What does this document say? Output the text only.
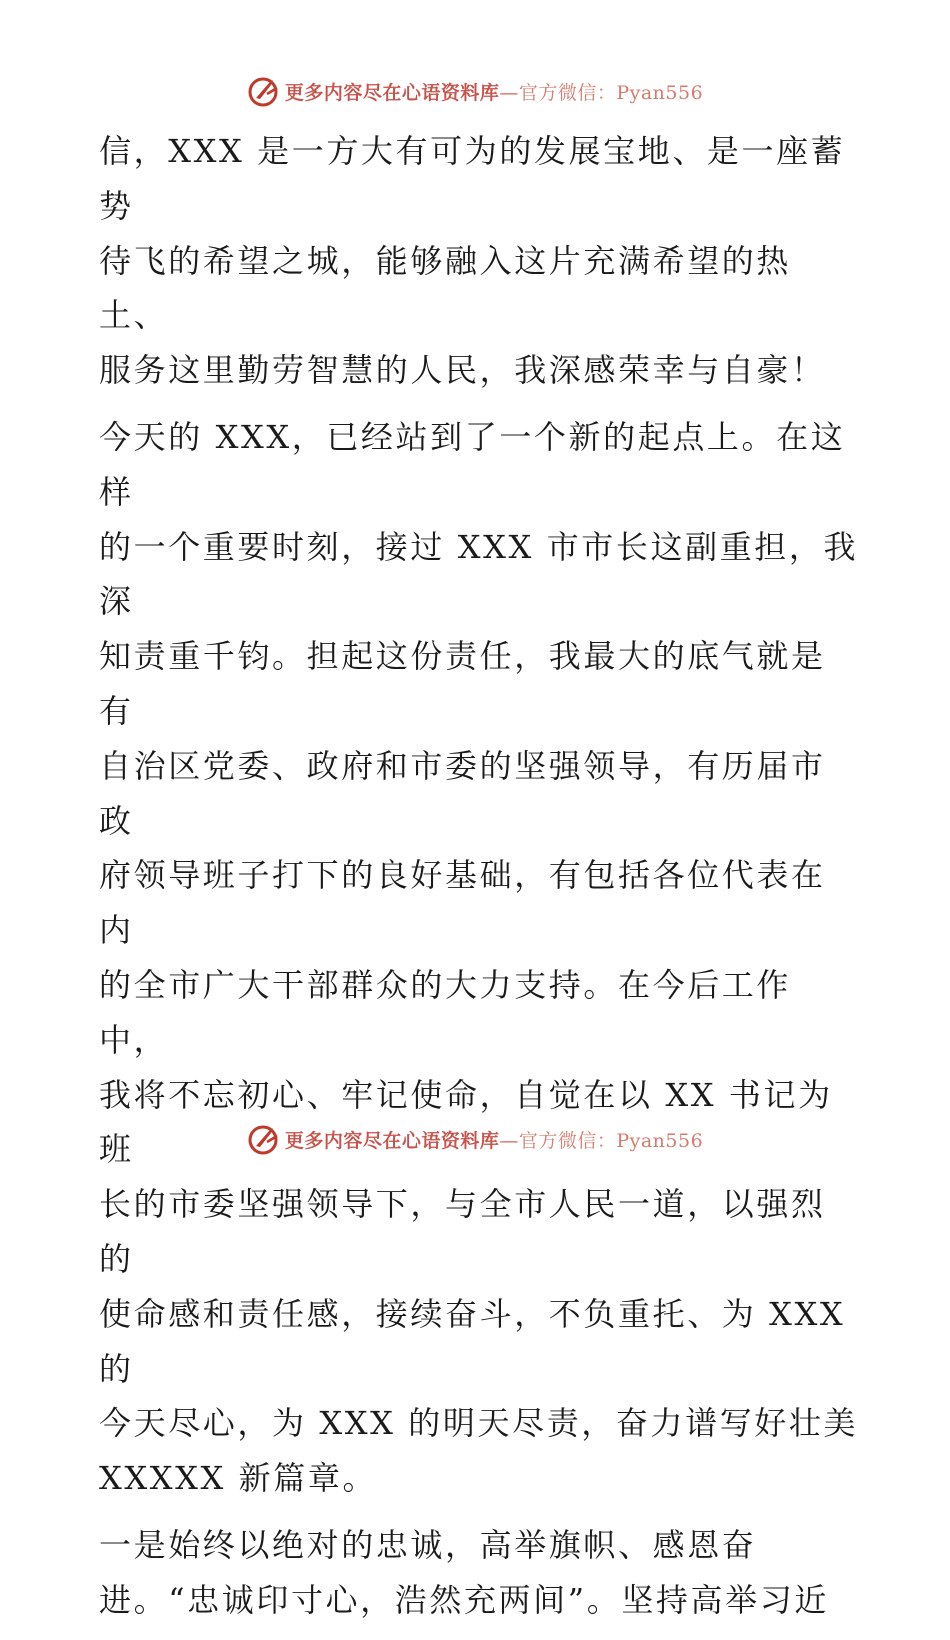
更多内容尽在心语资料库—官方微信：Pyan556

信，XXX 是一方大有可为的发展宝地、是一座蓄势
待飞的希望之城，能够融入这片充满希望的热土、
服务这里勤劳智慧的人民，我深感荣幸与自豪！

今天的 XXX，已经站到了一个新的起点上。在这样
的一个重要时刻，接过 XXX 市市长这副重担，我深
知责重千钧。担起这份责任，我最大的底气就是有
自治区党委、政府和市委的坚强领导，有历届市政
府领导班子打下的良好基础，有包括各位代表在内
的全市广大干部群众的大力支持。在今后工作中，
我将不忘初心、牢记使命，自觉在以 XX 书记为班
长的市委坚强领导下，与全市人民一道，以强烈的
使命感和责任感，接续奋斗，不负重托、为 XXX 的
今天尽心，为 XXX 的明天尽责，奋力谱写好壮美
XXXXX 新篇章。

一是始终以绝对的忠诚，高举旗帜、感恩奋
进。“忠诚印寸心，浩然充两间”。坚持高举习近

更多内容尽在心语资料库—官方微信：Pyan556
